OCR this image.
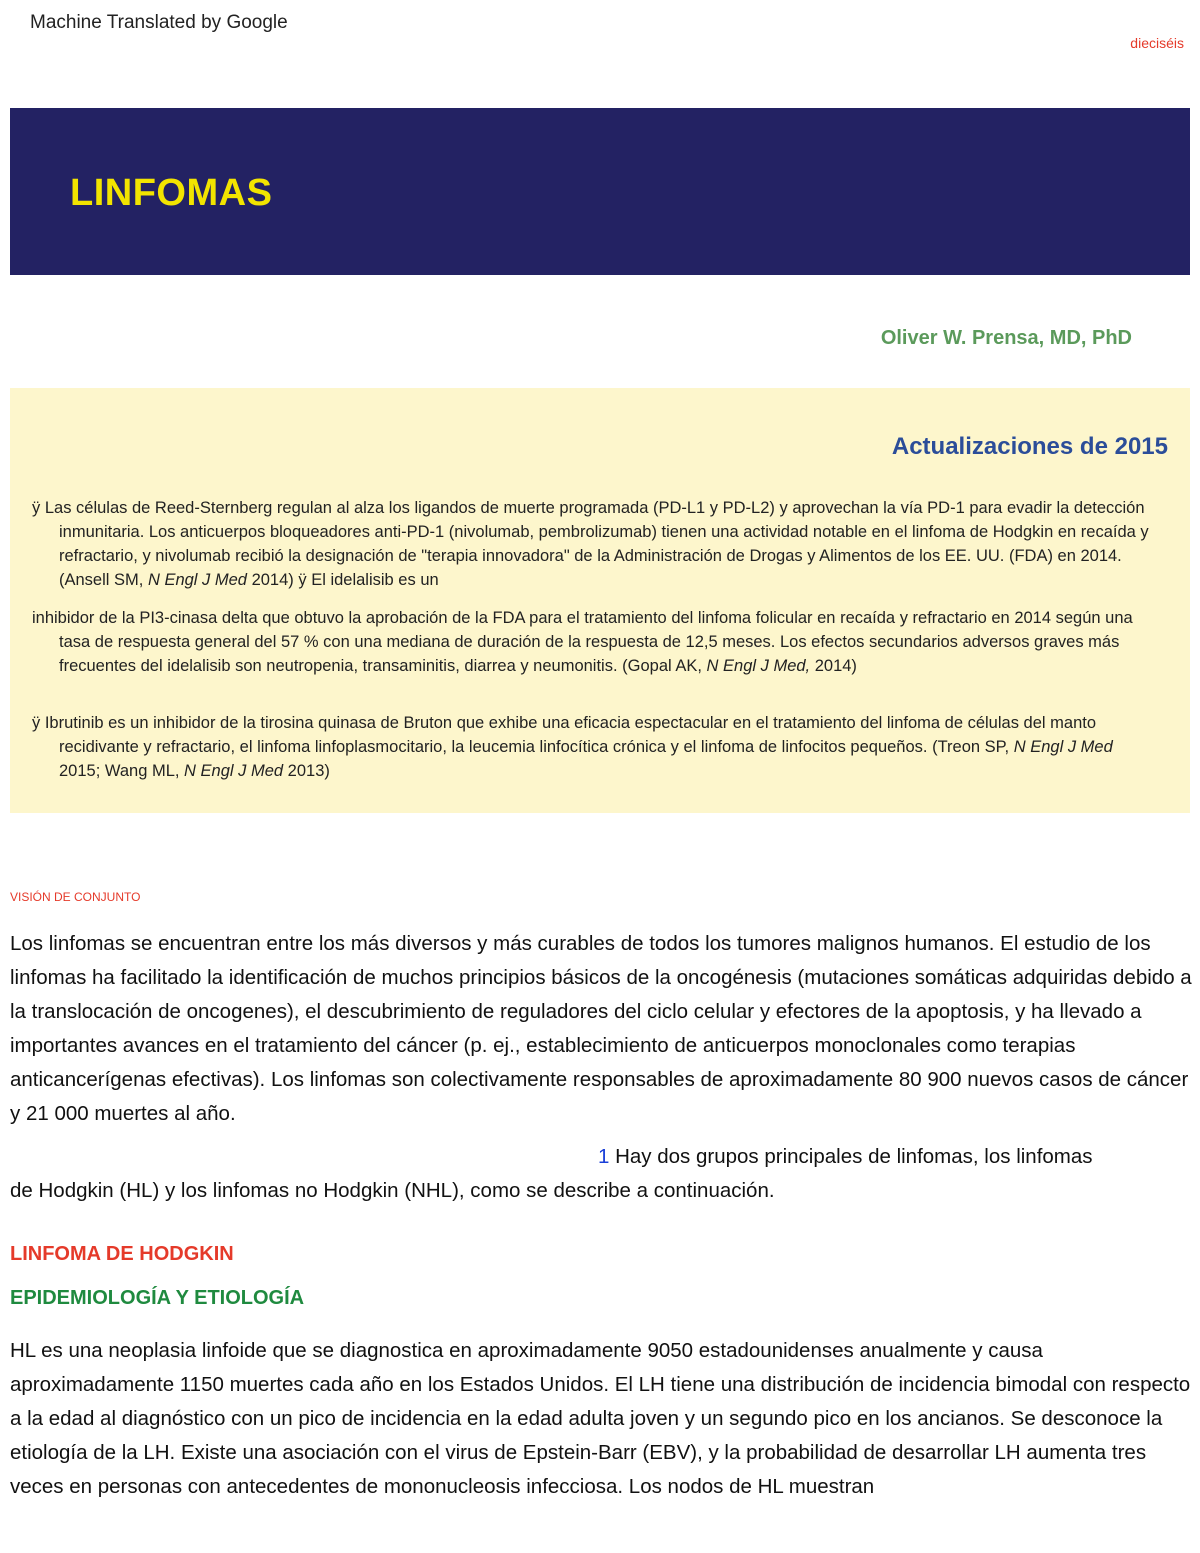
Machine Translated by Google
dieciséis
LINFOMAS
Oliver W. Prensa, MD, PhD
Actualizaciones de 2015
ÿ Las células de Reed-Sternberg regulan al alza los ligandos de muerte programada (PD-L1 y PD-L2) y aprovechan la vía PD-1 para evadir la detección inmunitaria. Los anticuerpos bloqueadores anti-PD-1 (nivolumab, pembrolizumab) tienen una actividad notable en el linfoma de Hodgkin en recaída y refractario, y nivolumab recibió la designación de "terapia innovadora" de la Administración de Drogas y Alimentos de los EE. UU. (FDA) en 2014. (Ansell SM, N Engl J Med 2014) ÿ El idelalisib es un
inhibidor de la PI3-cinasa delta que obtuvo la aprobación de la FDA para el tratamiento del linfoma folicular en recaída y refractario en 2014 según una tasa de respuesta general del 57 % con una mediana de duración de la respuesta de 12,5 meses. Los efectos secundarios adversos graves más frecuentes del idelalisib son neutropenia, transaminitis, diarrea y neumonitis. (Gopal AK, N Engl J Med, 2014)
ÿ Ibrutinib es un inhibidor de la tirosina quinasa de Bruton que exhibe una eficacia espectacular en el tratamiento del linfoma de células del manto recidivante y refractario, el linfoma linfoplasmocitario, la leucemia linfocítica crónica y el linfoma de linfocitos pequeños. (Treon SP, N Engl J Med 2015; Wang ML, N Engl J Med 2013)
VISIÓN DE CONJUNTO
Los linfomas se encuentran entre los más diversos y más curables de todos los tumores malignos humanos. El estudio de los linfomas ha facilitado la identificación de muchos principios básicos de la oncogénesis (mutaciones somáticas adquiridas debido a la translocación de oncogenes), el descubrimiento de reguladores del ciclo celular y efectores de la apoptosis, y ha llevado a importantes avances en el tratamiento del cáncer (p. ej., establecimiento de anticuerpos monoclonales como terapias anticancerígenas efectivas). Los linfomas son colectivamente responsables de aproximadamente 80 900 nuevos casos de cáncer y 21 000 muertes al año.
1 Hay dos grupos principales de linfomas, los linfomas
de Hodgkin (HL) y los linfomas no Hodgkin (NHL), como se describe a continuación.
LINFOMA DE HODGKIN
EPIDEMIOLOGÍA Y ETIOLOGÍA
HL es una neoplasia linfoide que se diagnostica en aproximadamente 9050 estadounidenses anualmente y causa aproximadamente 1150 muertes cada año en los Estados Unidos. El LH tiene una distribución de incidencia bimodal con respecto a la edad al diagnóstico con un pico de incidencia en la edad adulta joven y un segundo pico en los ancianos. Se desconoce la etiología de la LH. Existe una asociación con el virus de Epstein-Barr (EBV), y la probabilidad de desarrollar LH aumenta tres veces en personas con antecedentes de mononucleosis infecciosa. Los nodos de HL muestran
